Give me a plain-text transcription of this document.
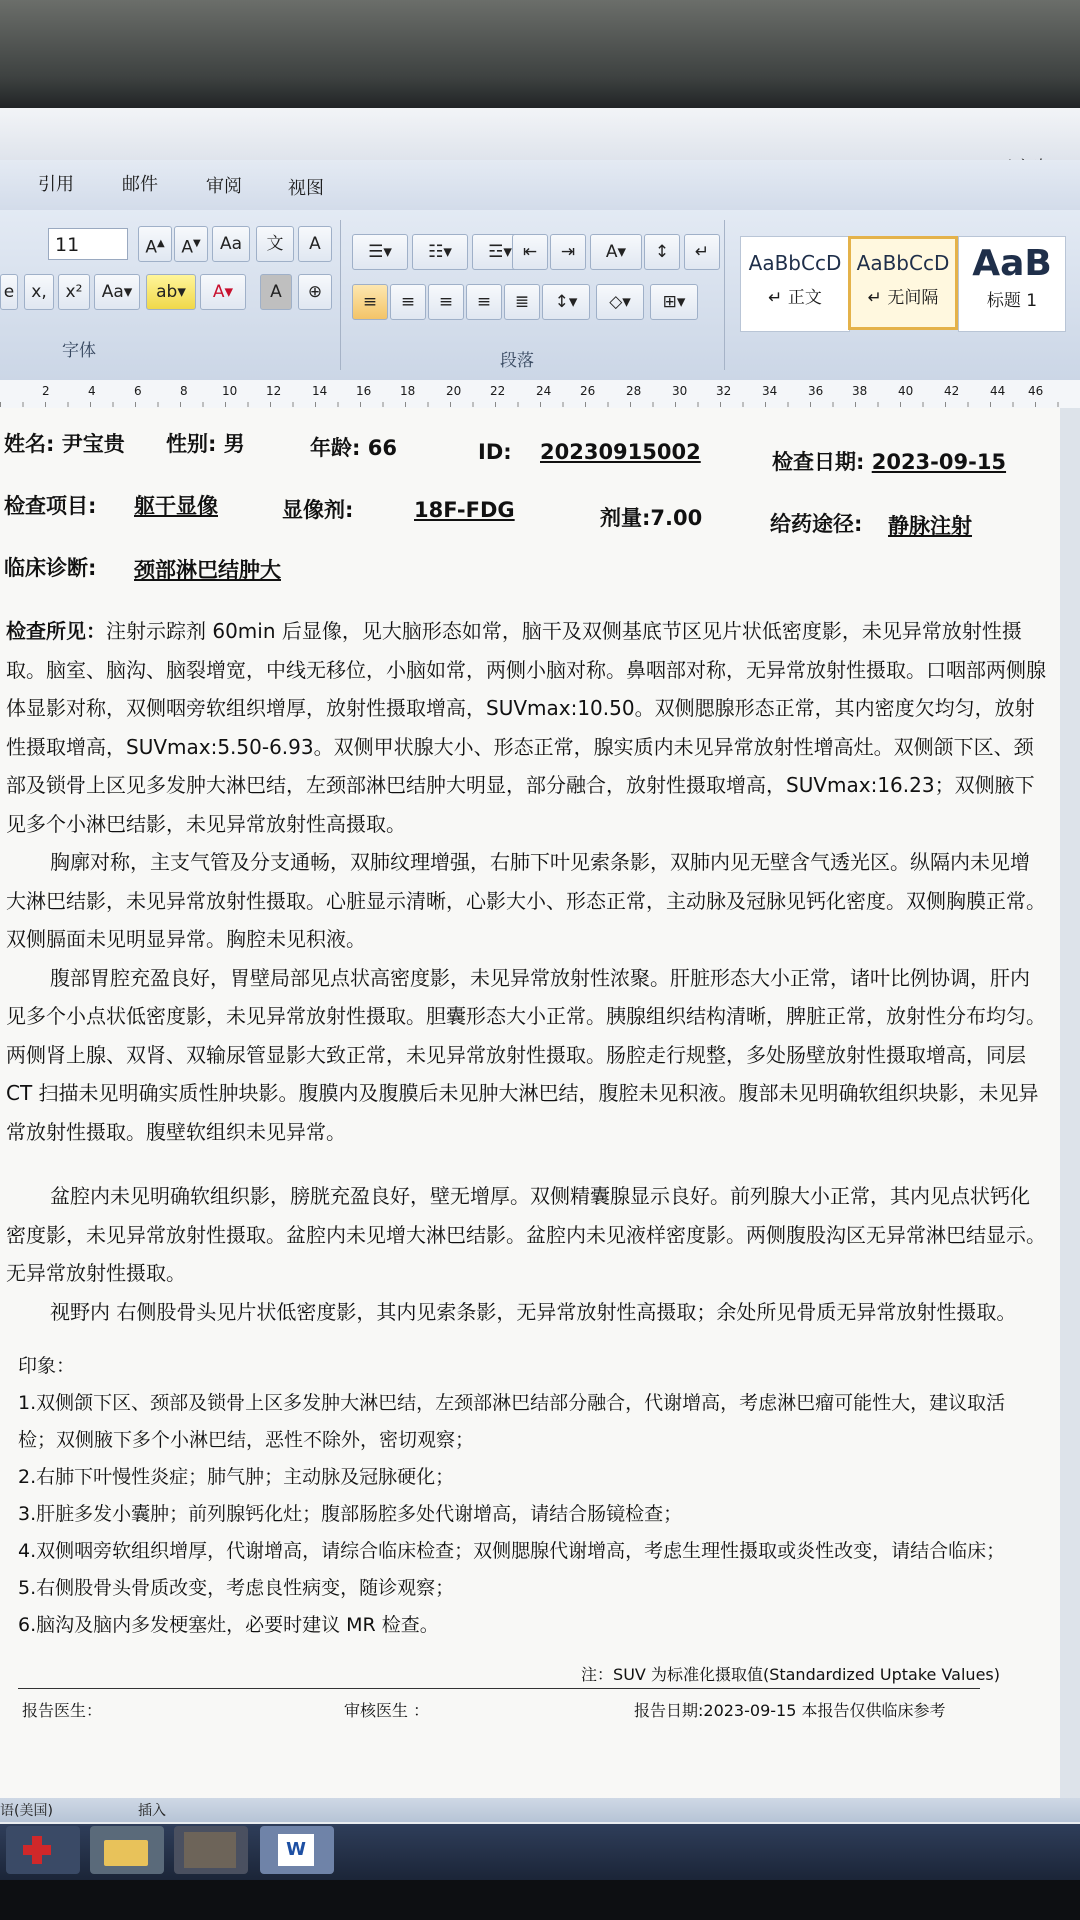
引用	邮件	审阅	视图
11	A▲ A▼	Aa	文	A
e	x,	x²	Aa▾	ab▾	A▾	A	⊕
字体
☰▾	☷▾	☲▾ ⇤	⇥	A▾	↕	↵
≡	≡	≡	≡	≣	↕▾	◇▾	⊞▾
段落
AaBbCcD
↵ 正文
AaBbCcD
↵ 无间隔
AaB
标题 1
2	4	6	8	10 12	14 16 18	20 22	24 26	28	30 32	34	36 38	40	42	44 46
姓名: 尹宝贵 性别: 男	年龄: 66	ID: 20230915002	检查日期: 2023-09-15
检查项目: 躯干显像	显像剂:	18F-FDG	剂量:7.00	给药途径: 静脉注射
临床诊断: 颈部淋巴结肿大

检查所见：注射示踪剂 60min 后显像，见大脑形态如常，脑干及双侧基底节区见片状低密度影，未见异常放射性摄取。脑室、脑沟、脑裂增宽，中线无移位，小脑如常，两侧小脑对称。鼻咽部对称，无异常放射性摄取。口咽部两侧腺体显影对称，双侧咽旁软组织增厚，放射性摄取增高，SUVmax:10.50。双侧腮腺形态正常，其内密度欠均匀，放射性摄取增高，SUVmax:5.50-6.93。双侧甲状腺大小、形态正常，腺实质内未见异常放射性增高灶。双侧颌下区、颈部及锁骨上区见多发肿大淋巴结，左颈部淋巴结肿大明显，部分融合，放射性摄取增高，SUVmax:16.23；双侧腋下见多个小淋巴结影，未见异常放射性高摄取。

胸廓对称，主支气管及分支通畅，双肺纹理增强，右肺下叶见索条影，双肺内见无壁含气透光区。纵隔内未见增大淋巴结影，未见异常放射性摄取。心脏显示清晰，心影大小、形态正常，主动脉及冠脉见钙化密度。双侧胸膜正常。双侧膈面未见明显异常。胸腔未见积液。

腹部胃腔充盈良好，胃壁局部见点状高密度影，未见异常放射性浓聚。肝脏形态大小正常，诸叶比例协调，肝内见多个小点状低密度影，未见异常放射性摄取。胆囊形态大小正常。胰腺组织结构清晰，脾脏正常，放射性分布均匀。两侧肾上腺、双肾、双输尿管显影大致正常，未见异常放射性摄取。肠腔走行规整，多处肠壁放射性摄取增高，同层 CT 扫描未见明确实质性肿块影。腹膜内及腹膜后未见肿大淋巴结，腹腔未见积液。腹部未见明确软组织块影，未见异常放射性摄取。腹壁软组织未见异常。

盆腔内未见明确软组织影，膀胱充盈良好，壁无增厚。双侧精囊腺显示良好。前列腺大小正常，其内见点状钙化密度影，未见异常放射性摄取。盆腔内未见增大淋巴结影。盆腔内未见液样密度影。两侧腹股沟区无异常淋巴结显示。无异常放射性摄取。

视野内 右侧股骨头见片状低密度影，其内见索条影，无异常放射性高摄取；余处所见骨质无异常放射性摄取。

印象：

1.双侧颌下区、颈部及锁骨上区多发肿大淋巴结，左颈部淋巴结部分融合，代谢增高，考虑淋巴瘤可能性大，建议取活检；双侧腋下多个小淋巴结，恶性不除外，密切观察；

2.右肺下叶慢性炎症；肺气肿；主动脉及冠脉硬化；

3.肝脏多发小囊肿；前列腺钙化灶；腹部肠腔多处代谢增高，请结合肠镜检查；

4.双侧咽旁软组织增厚，代谢增高，请综合临床检查；双侧腮腺代谢增高，考虑生理性摄取或炎性改变，请结合临床；

5.右侧股骨头骨质改变，考虑良性病变，随诊观察；

6.脑沟及脑内多发梗塞灶，必要时建议 MR 检查。

注：SUV 为标准化摄取值(Standardized Uptake Values)
报告医生：	审核医生 ：	报告日期:2023-09-15 本报告仅供临床参考
语(美国)	插入
W
